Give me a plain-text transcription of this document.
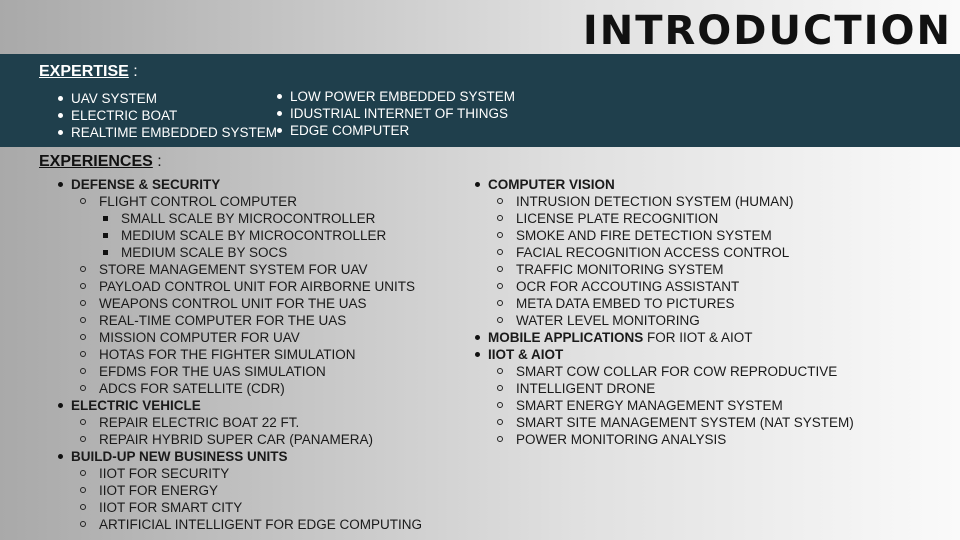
INTRODUCTION
EXPERTISE :
UAV SYSTEM
ELECTRIC BOAT
REALTIME EMBEDDED SYSTEM
LOW POWER EMBEDDED SYSTEM
IDUSTRIAL INTERNET OF THINGS
EDGE COMPUTER
EXPERIENCES :
DEFENSE & SECURITY
FLIGHT CONTROL COMPUTER
SMALL SCALE BY MICROCONTROLLER
MEDIUM SCALE BY MICROCONTROLLER
MEDIUM SCALE BY SOCS
STORE MANAGEMENT SYSTEM FOR UAV
PAYLOAD CONTROL UNIT FOR AIRBORNE UNITS
WEAPONS CONTROL UNIT FOR THE UAS
REAL-TIME COMPUTER FOR THE UAS
MISSION COMPUTER FOR UAV
HOTAS FOR THE FIGHTER SIMULATION
EFDMS FOR THE UAS SIMULATION
ADCS FOR SATELLITE (CDR)
ELECTRIC VEHICLE
REPAIR ELECTRIC BOAT 22 FT.
REPAIR HYBRID SUPER CAR (PANAMERA)
BUILD-UP NEW BUSINESS UNITS
IIOT FOR SECURITY
IIOT FOR ENERGY
IIOT FOR SMART CITY
ARTIFICIAL INTELLIGENT FOR EDGE COMPUTING
COMPUTER VISION
INTRUSION DETECTION SYSTEM (HUMAN)
LICENSE PLATE RECOGNITION
SMOKE AND FIRE DETECTION SYSTEM
FACIAL RECOGNITION ACCESS CONTROL
TRAFFIC MONITORING SYSTEM
OCR FOR ACCOUTING ASSISTANT
META DATA EMBED TO PICTURES
WATER LEVEL MONITORING
MOBILE APPLICATIONS FOR IIOT & AIOT
IIOT & AIOT
SMART COW COLLAR FOR COW REPRODUCTIVE
INTELLIGENT DRONE
SMART ENERGY MANAGEMENT SYSTEM
SMART SITE MANAGEMENT SYSTEM (NAT SYSTEM)
POWER MONITORING ANALYSIS
